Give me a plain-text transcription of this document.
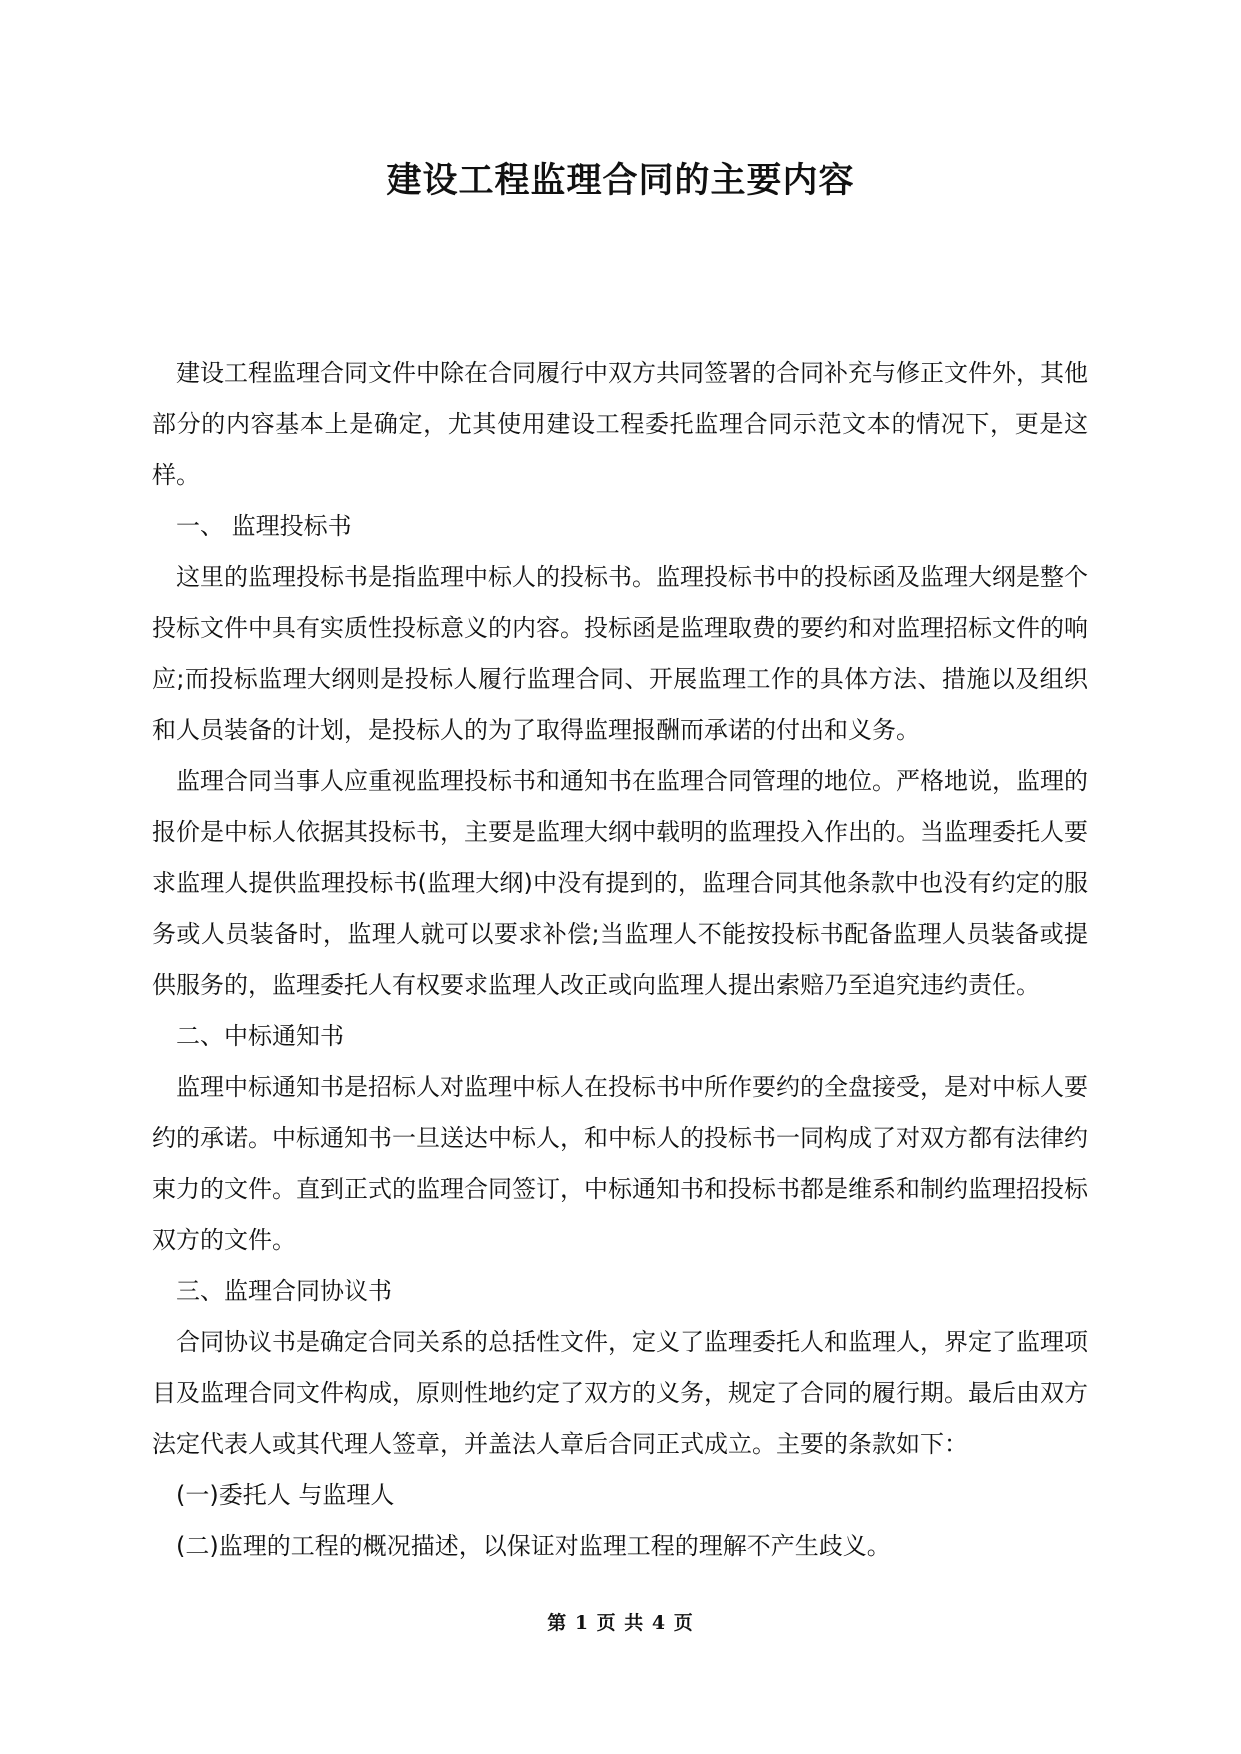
建设工程监理合同的主要内容

建设工程监理合同文件中除在合同履行中双方共同签署的合同补充与修正文件外，其他部分的内容基本上是确定，尤其使用建设工程委托监理合同示范文本的情况下，更是这样。

一、 监理投标书

这里的监理投标书是指监理中标人的投标书。监理投标书中的投标函及监理大纲是整个投标文件中具有实质性投标意义的内容。投标函是监理取费的要约和对监理招标文件的响应;而投标监理大纲则是投标人履行监理合同、开展监理工作的具体方法、措施以及组织和人员装备的计划，是投标人的为了取得监理报酬而承诺的付出和义务。

监理合同当事人应重视监理投标书和通知书在监理合同管理的地位。严格地说，监理的报价是中标人依据其投标书，主要是监理大纲中载明的监理投入作出的。当监理委托人要求监理人提供监理投标书(监理大纲)中没有提到的，监理合同其他条款中也没有约定的服务或人员装备时，监理人就可以要求补偿;当监理人不能按投标书配备监理人员装备或提供服务的，监理委托人有权要求监理人改正或向监理人提出索赔乃至追究违约责任。

二、中标通知书

监理中标通知书是招标人对监理中标人在投标书中所作要约的全盘接受，是对中标人要约的承诺。中标通知书一旦送达中标人，和中标人的投标书一同构成了对双方都有法律约束力的文件。直到正式的监理合同签订，中标通知书和投标书都是维系和制约监理招投标双方的文件。

三、监理合同协议书

合同协议书是确定合同关系的总括性文件，定义了监理委托人和监理人，界定了监理项目及监理合同文件构成，原则性地约定了双方的义务，规定了合同的履行期。最后由双方法定代表人或其代理人签章，并盖法人章后合同正式成立。主要的条款如下：

(一)委托人 与监理人

(二)监理的工程的概况描述，以保证对监理工程的理解不产生歧义。

第 1 页 共 4 页
